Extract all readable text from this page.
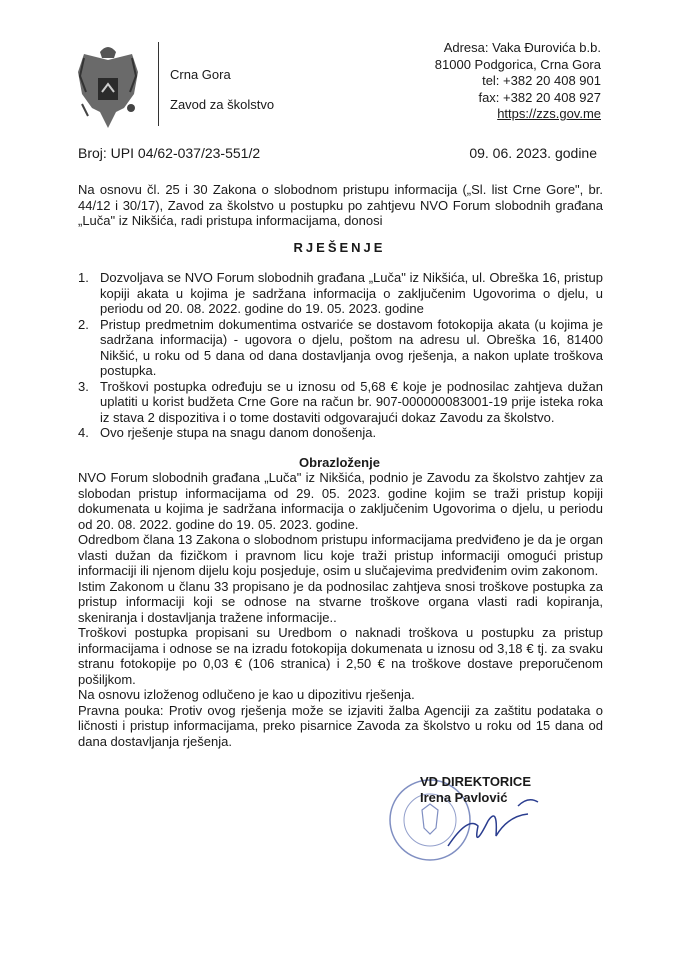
Crna Gora
Zavod za školstvo
Adresa: Vaka Đurovića b.b.
81000 Podgorica, Crna Gora
tel: +382 20 408 901
fax: +382 20 408 927
https://zzs.gov.me
Broj: UPI 04/62-037/23-551/2	09. 06. 2023. godine
Na osnovu čl. 25 i 30 Zakona o slobodnom pristupu informacija („Sl. list Crne Gore", br. 44/12 i 30/17), Zavod za školstvo u postupku po zahtjevu NVO Forum slobodnih građana „Luča" iz Nikšića, radi pristupa informacijama, donosi
RJEŠENJE
1. Dozvoljava se NVO Forum slobodnih građana „Luča" iz Nikšića, ul. Obreška 16, pristup kopiji akata u kojima je sadržana informacija o zaključenim Ugovorima o djelu, u periodu od 20. 08. 2022. godine do 19. 05. 2023. godine
2. Pristup predmetnim dokumentima ostvariće se dostavom fotokopija akata (u kojima je sadržana informacija) - ugovora o djelu, poštom na adresu ul. Obreška 16, 81400 Nikšić, u roku od 5 dana od dana dostavljanja ovog rješenja, a nakon uplate troškova postupka.
3. Troškovi postupka određuju se u iznosu od 5,68 € koje je podnosilac zahtjeva dužan uplatiti u korist budžeta Crne Gore na račun br. 907-000000083001-19 prije isteka roka iz stava 2 dispozitiva i o tome dostaviti odgovarajući dokaz Zavodu za školstvo.
4. Ovo rješenje stupa na snagu danom donošenja.
Obrazloženje
NVO Forum slobodnih građana „Luča" iz Nikšića, podnio je Zavodu za školstvo zahtjev za slobodan pristup informacijama od 29. 05. 2023. godine kojim se traži pristup kopiji dokumenata u kojima je sadržana informacija o zaključenim Ugovorima o djelu, u periodu od 20. 08. 2022. godine do 19. 05. 2023. godine.
Odredbom člana 13 Zakona o slobodnom pristupu informacijama predviđeno je da je organ vlasti dužan da fizičkom i pravnom licu koje traži pristup informaciji omogući pristup informaciji ili njenom dijelu koju posjeduje, osim u slučajevima predviđenim ovim zakonom.
Istim Zakonom u članu 33 propisano je da podnosilac zahtjeva snosi troškove postupka za pristup informaciji koji se odnose na stvarne troškove organa vlasti radi kopiranja, skeniranja i dostavljanja tražene informacije..
Troškovi postupka propisani su Uredbom o naknadi troškova u postupku za pristup informacijama i odnose se na izradu fotokopija dokumenata u iznosu od 3,18 € tj. za svaku stranu fotokopije po 0,03 € (106 stranica) i 2,50 € na troškove dostave preporučenom pošiljkom.
Na osnovu izloženog odlučeno je kao u dipozitivu rješenja.
Pravna pouka: Protiv ovog rješenja može se izjaviti žalba Agenciji za zaštitu podataka o ličnosti i pristup informacijama, preko pisarnice Zavoda za školstvo u roku od 15 dana od dana dostavljanja rješenja.
VD DIREKTORICE
Irena Pavlović
